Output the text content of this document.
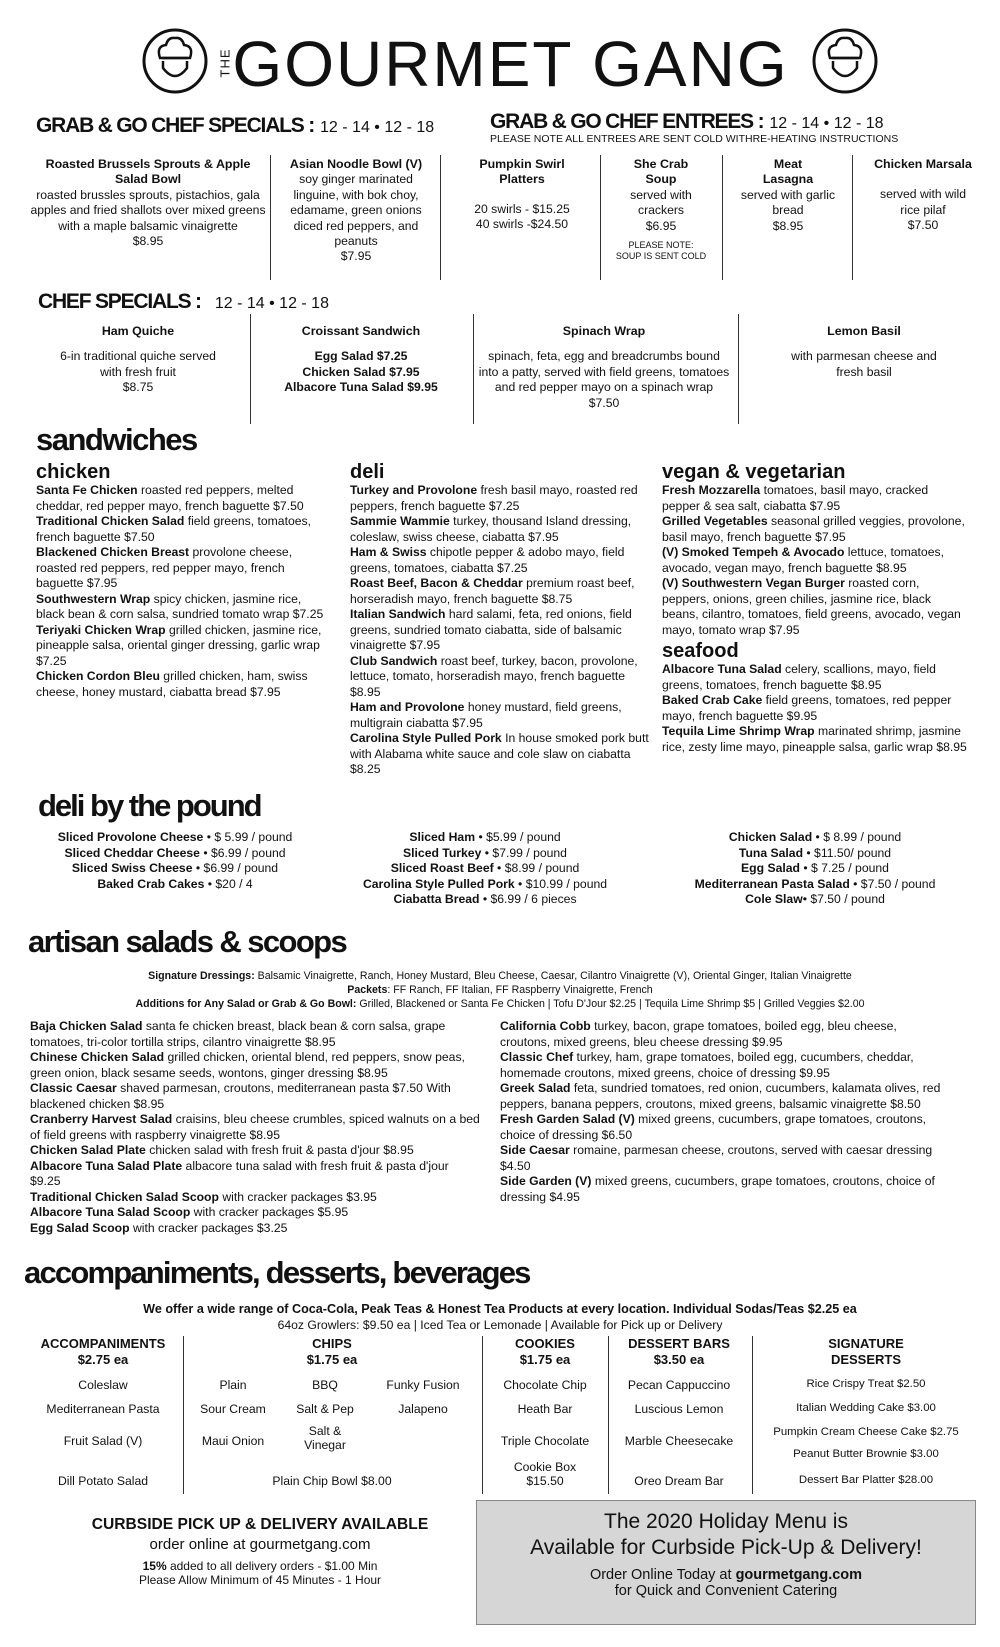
THEGOURMET GANG
GRAB & GO CHEF SPECIALS : 12 - 14 • 12 - 18	GRAB & GO CHEF ENTREES : 12 - 14 • 12 - 18
PLEASE NOTE ALL ENTREES ARE SENT COLD WITHRE-HEATING INSTRUCTIONS
Roasted Brussels Sprouts & Apple Salad Bowl
roasted brussles sprouts, pistachios, gala apples and fried shallots over mixed greens with a maple balsamic vinaigrette
$8.95
Asian Noodle Bowl (V)
soy ginger marinated linguine, with bok choy, edamame, green onions diced red peppers, and peanuts
$7.95
Pumpkin Swirl Platters
20 swirls - $15.25
40 swirls -$24.50
She Crab Soup
served with crackers
$6.95
PLEASE NOTE:
SOUP IS SENT COLD
Meat Lasagna
served with garlic bread
$8.95
Chicken Marsala
served with wild rice pilaf
$7.50
CHEF SPECIALS : 12 - 14 • 12 - 18
Ham Quiche
6-in traditional quiche served with fresh fruit
$8.75
Croissant Sandwich
Egg Salad $7.25
Chicken Salad $7.95
Albacore Tuna Salad $9.95
Spinach Wrap
spinach, feta, egg and breadcrumbs bound into a patty, served with field greens, tomatoes and red pepper mayo on a spinach wrap
$7.50
Lemon Basil
with parmesan cheese and fresh basil
sandwiches
chicken
Santa Fe Chicken roasted red peppers, melted cheddar, red pepper mayo, french baguette $7.50
Traditional Chicken Salad field greens, tomatoes, french baguette $7.50
Blackened Chicken Breast provolone cheese, roasted red peppers, red pepper mayo, french baguette $7.95
Southwestern Wrap spicy chicken, jasmine rice, black bean & corn salsa, sundried tomato wrap $7.25
Teriyaki Chicken Wrap grilled chicken, jasmine rice, pineapple salsa, oriental ginger dressing, garlic wrap $7.25
Chicken Cordon Bleu grilled chicken, ham, swiss cheese, honey mustard, ciabatta bread $7.95
deli
Turkey and Provolone fresh basil mayo, roasted red peppers, french baguette $7.25
Sammie Wammie turkey, thousand Island dressing, coleslaw, swiss cheese, ciabatta $7.95
Ham & Swiss chipotle pepper & adobo mayo, field greens, tomatoes, ciabatta $7.25
Roast Beef, Bacon & Cheddar premium roast beef, horseradish mayo, french baguette $8.75
Italian Sandwich hard salami, feta, red onions, field greens, sundried tomato ciabatta, side of balsamic vinaigrette $7.95
Club Sandwich roast beef, turkey, bacon, provolone, lettuce, tomato, horseradish mayo, french baguette $8.95
Ham and Provolone honey mustard, field greens, multigrain ciabatta $7.95
Carolina Style Pulled Pork In house smoked pork butt with Alabama white sauce and cole slaw on ciabatta $8.25
vegan & vegetarian
Fresh Mozzarella tomatoes, basil mayo, cracked pepper & sea salt, ciabatta $7.95
Grilled Vegetables seasonal grilled veggies, provolone, basil mayo, french baguette $7.95
(V) Smoked Tempeh & Avocado lettuce, tomatoes, avocado, vegan mayo, french baguette $8.95
(V) Southwestern Vegan Burger roasted corn, peppers, onions, green chilies, jasmine rice, black beans, cilantro, tomatoes, field greens, avocado, vegan mayo, tomato wrap $7.95
seafood
Albacore Tuna Salad celery, scallions, mayo, field greens, tomatoes, french baguette $8.95
Baked Crab Cake field greens, tomatoes, red pepper mayo, french baguette $9.95
Tequila Lime Shrimp Wrap marinated shrimp, jasmine rice, zesty lime mayo, pineapple salsa, garlic wrap $8.95
deli by the pound
Sliced Provolone Cheese • $ 5.99 / pound
Sliced Cheddar Cheese • $6.99 / pound
Sliced Swiss Cheese • $6.99 / pound
Baked Crab Cakes • $20 / 4
Sliced Ham • $5.99 / pound
Sliced Turkey • $7.99 / pound
Sliced Roast Beef • $8.99 / pound
Carolina Style Pulled Pork • $10.99 / pound
Ciabatta Bread • $6.99 / 6 pieces
Chicken Salad • $ 8.99 / pound
Tuna Salad • $11.50/ pound
Egg Salad • $ 7.25 / pound
Mediterranean Pasta Salad • $7.50 / pound
Cole Slaw• $7.50 / pound
artisan salads & scoops
Signature Dressings: Balsamic Vinaigrette, Ranch, Honey Mustard, Bleu Cheese, Caesar, Cilantro Vinaigrette (V), Oriental Ginger, Italian Vinaigrette
Packets: FF Ranch, FF Italian, FF Raspberry Vinaigrette, French
Additions for Any Salad or Grab & Go Bowl: Grilled, Blackened or Santa Fe Chicken | Tofu D'Jour $2.25 | Tequila Lime Shrimp $5 | Grilled Veggies $2.00
Baja Chicken Salad santa fe chicken breast, black bean & corn salsa, grape tomatoes, tri-color tortilla strips, cilantro vinaigrette $8.95
Chinese Chicken Salad grilled chicken, oriental blend, red peppers, snow peas, green onion, black sesame seeds, wontons, ginger dressing $8.95
Classic Caesar shaved parmesan, croutons, mediterranean pasta $7.50 With blackened chicken $8.95
Cranberry Harvest Salad craisins, bleu cheese crumbles, spiced walnuts on a bed of field greens with raspberry vinaigrette $8.95
Chicken Salad Plate chicken salad with fresh fruit & pasta d'jour $8.95
Albacore Tuna Salad Plate albacore tuna salad with fresh fruit & pasta d'jour $9.25
Traditional Chicken Salad Scoop with cracker packages $3.95
Albacore Tuna Salad Scoop with cracker packages $5.95
Egg Salad Scoop with cracker packages $3.25
California Cobb turkey, bacon, grape tomatoes, boiled egg, bleu cheese, croutons, mixed greens, bleu cheese dressing $9.95
Classic Chef turkey, ham, grape tomatoes, boiled egg, cucumbers, cheddar, homemade croutons, mixed greens, choice of dressing $9.95
Greek Salad feta, sundried tomatoes, red onion, cucumbers, kalamata olives, red peppers, banana peppers, croutons, mixed greens, balsamic vinaigrette $8.50
Fresh Garden Salad (V) mixed greens, cucumbers, grape tomatoes, croutons, choice of dressing $6.50
Side Caesar romaine, parmesan cheese, croutons, served with caesar dressing $4.50
Side Garden (V) mixed greens, cucumbers, grape tomatoes, croutons, choice of dressing $4.95
accompaniments, desserts, beverages
We offer a wide range of Coca-Cola, Peak Teas & Honest Tea Products at every location. Individual Sodas/Teas $2.25 ea
64oz Growlers: $9.50 ea | Iced Tea or Lemonade | Available for Pick up or Delivery
ACCOMPANIMENTS
$2.75 ea
Coleslaw
Mediterranean Pasta
Fruit Salad (V)
Dill Potato Salad
CHIPS
$1.75 ea
Plain
Sour Cream
Maui Onion
BBQ
Salt & Pep
Salt &
Vinegar
Funky Fusion
Jalapeno
Plain Chip Bowl $8.00
COOKIES
$1.75 ea
Chocolate Chip
Heath Bar
Triple Chocolate
Cookie Box
$15.50
DESSERT BARS
$3.50 ea
Pecan Cappuccino
Luscious Lemon
Marble Cheesecake
Oreo Dream Bar
SIGNATURE
DESSERTS
Rice Crispy Treat $2.50
Italian Wedding Cake $3.00
Pumpkin Cream Cheese Cake $2.75
Peanut Butter Brownie $3.00
Dessert Bar Platter $28.00
CURBSIDE PICK UP & DELIVERY AVAILABLE
order online at gourmetgang.com
15% added to all delivery orders - $1.00 Min
Please Allow Minimum of 45 Minutes - 1 Hour
The 2020 Holiday Menu is
Available for Curbside Pick-Up & Delivery!
Order Online Today at gourmetgang.com
for Quick and Convenient Catering
